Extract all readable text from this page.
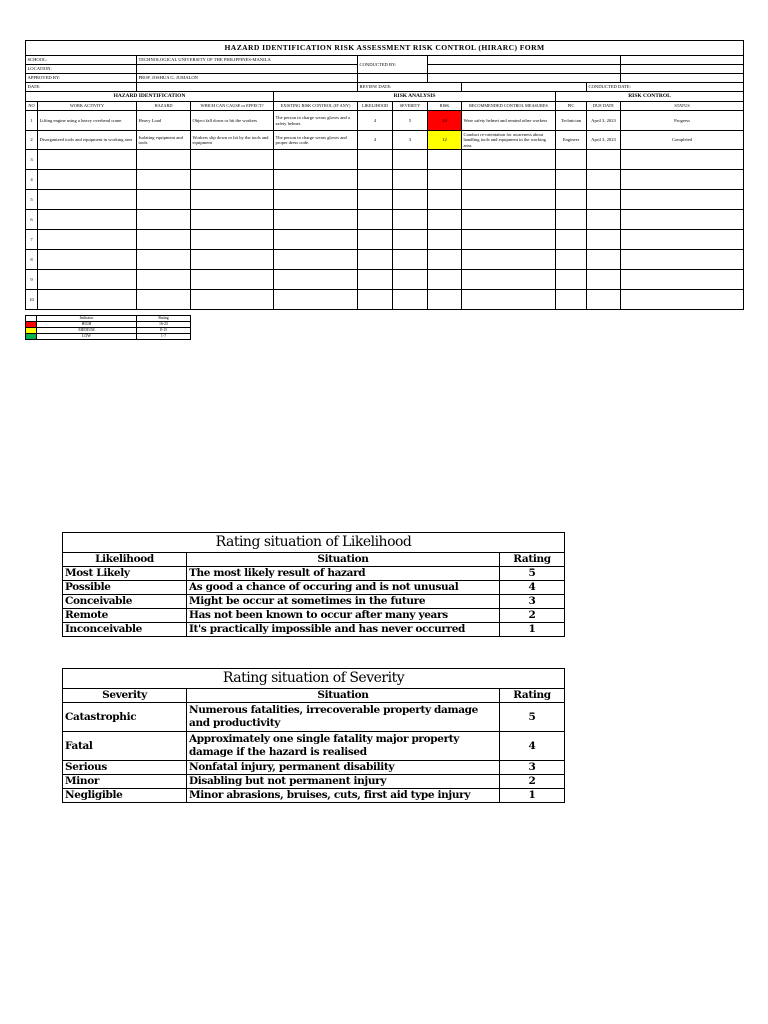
HAZARD IDENTIFICATION RISK ASSESSMENT RISK CONTROL (HIRARC) FORM											
SCHOOL:		TECHNOLOGICAL UNIVERSITY OF THE PHILIPPINES-MANILA			CONDUCTED BY:						
LOCATION:											
APPROVED BY:		PROF. JOSHUA G. JUMALON									
DATE:					REVIEW DATE:					CONDUCTED DATE:	
HAZARD IDENTIFICATION				RISK ANALYSIS					RISK CONTROL		
NO	WORK ACTIVITY	HAZARD	WHICH CAN CAUSE or EFFECT?	EXISTING RISK CONTROL (IF ANY)	LIKELIHOOD	SEVERITY	RISK	RECOMMENDED CONTROL MEASURES	PIC	DUE DATE	STATUS
1	Lifting engine using a heavy overhead crane.	Heavy Load	Object fall down or hit the workers	The person in charge wears gloves and a safety helmet.	4	5	20	Wear safety helmet and remind other workers	Technician	April 3, 2023	Progress
2	Disorganized tools and equipment in working area	Isolating equipment and tools	Workers slip down or hit by the tools and equipment	The person in charge wears gloves and proper dress code.	4	3	12	Conduct re-orientation for awareness about handling tools and equipment in the working area.	Engineer	April 3, 2023	Completed
3											
4											
5											
6											
7											
8											
9											
10											
	Indicator	Rating
	HIGH	16-25
	MEDIUM	8-15
	LOW	1-7
Rating situation of Likelihood		
Likelihood	Situation	Rating
Most Likely	The most likely result of hazard	5
Possible	As good a chance of occuring and is not unusual	4
Conceivable	Might be occur at sometimes in the future	3
Remote	Has not been known to occur after many years	2
Inconceivable	It's practically impossible and has never occurred	1
Rating situation of Severity		
Severity	Situation	Rating
Catastrophic	Numerous fatalities, irrecoverable property damage and productivity	5
Fatal	Approximately one single fatality major property damage if the hazard is realised	4
Serious	Nonfatal injury, permanent disability	3
Minor	Disabling but not permanent injury	2
Negligible	Minor abrasions, bruises, cuts, first aid type injury	1
